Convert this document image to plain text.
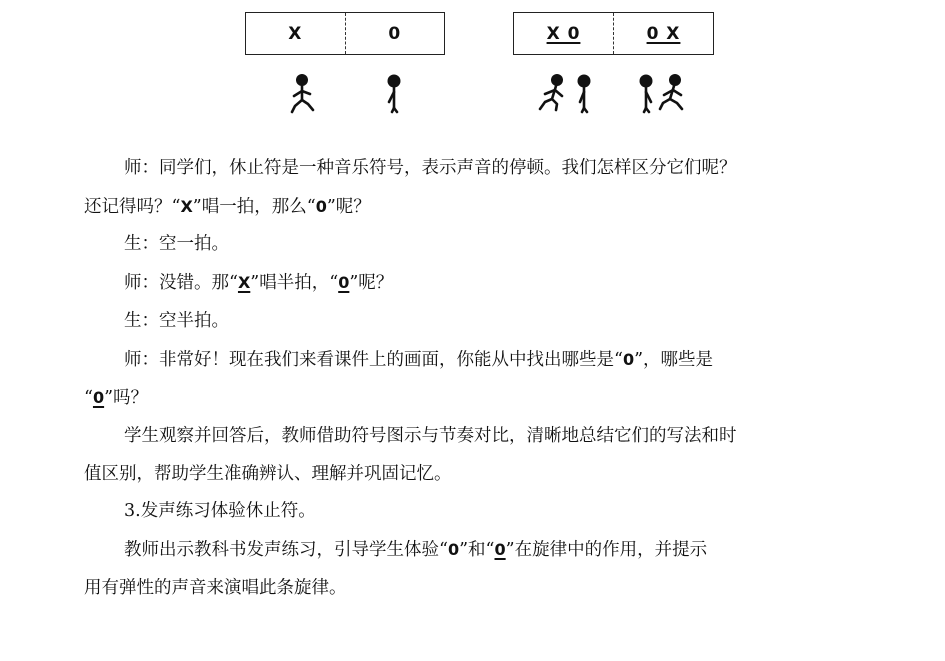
X	0	X 0	0 X

师：同学们，休止符是一种音乐符号，表示声音的停顿。我们怎样区分它们呢？

还记得吗？“X”唱一拍，那么“0”呢？

生：空一拍。

师：没错。那“X”唱半拍，“0”呢？

生：空半拍。

师：非常好！现在我们来看课件上的画面，你能从中找出哪些是“0”，哪些是

“0”吗？

学生观察并回答后，教师借助符号图示与节奏对比，清晰地总结它们的写法和时

值区别，帮助学生准确辨认、理解并巩固记忆。

3.发声练习体验休止符。

教师出示教科书发声练习，引导学生体验“0”和“0”在旋律中的作用，并提示

用有弹性的声音来演唱此条旋律。
